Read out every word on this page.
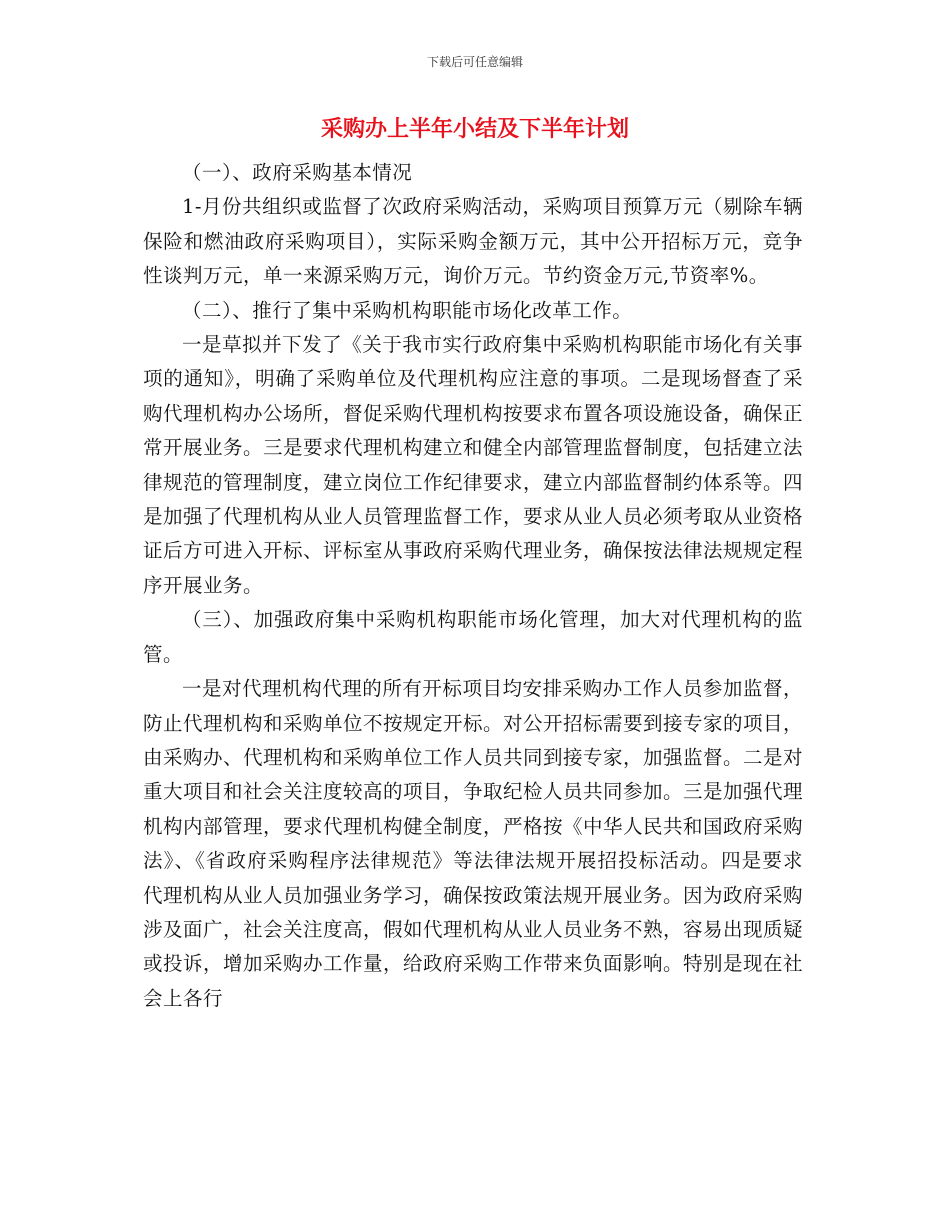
下载后可任意编辑
采购办上半年小结及下半年计划

（一）、政府采购基本情况

1-月份共组织或监督了次政府采购活动，采购项目预算万元（剔除车辆保险和燃油政府采购项目），实际采购金额万元，其中公开招标万元，竞争性谈判万元，单一来源采购万元，询价万元。节约资金万元,节资率%。

（二）、推行了集中采购机构职能市场化改革工作。

一是草拟并下发了《关于我市实行政府集中采购机构职能市场化有关事项的通知》，明确了采购单位及代理机构应注意的事项。二是现场督查了采购代理机构办公场所，督促采购代理机构按要求布置各项设施设备，确保正常开展业务。三是要求代理机构建立和健全内部管理监督制度，包括建立法律规范的管理制度，建立岗位工作纪律要求，建立内部监督制约体系等。四是加强了代理机构从业人员管理监督工作，要求从业人员必须考取从业资格证后方可进入开标、评标室从事政府采购代理业务，确保按法律法规规定程序开展业务。

（三）、加强政府集中采购机构职能市场化管理，加大对代理机构的监管。

一是对代理机构代理的所有开标项目均安排采购办工作人员参加监督，防止代理机构和采购单位不按规定开标。对公开招标需要到接专家的项目，由采购办、代理机构和采购单位工作人员共同到接专家，加强监督。二是对重大项目和社会关注度较高的项目，争取纪检人员共同参加。三是加强代理机构内部管理，要求代理机构健全制度，严格按《中华人民共和国政府采购法》、《省政府采购程序法律规范》等法律法规开展招投标活动。四是要求代理机构从业人员加强业务学习，确保按政策法规开展业务。因为政府采购涉及面广，社会关注度高，假如代理机构从业人员业务不熟，容易出现质疑或投诉，增加采购办工作量，给政府采购工作带来负面影响。特别是现在社会上各行
